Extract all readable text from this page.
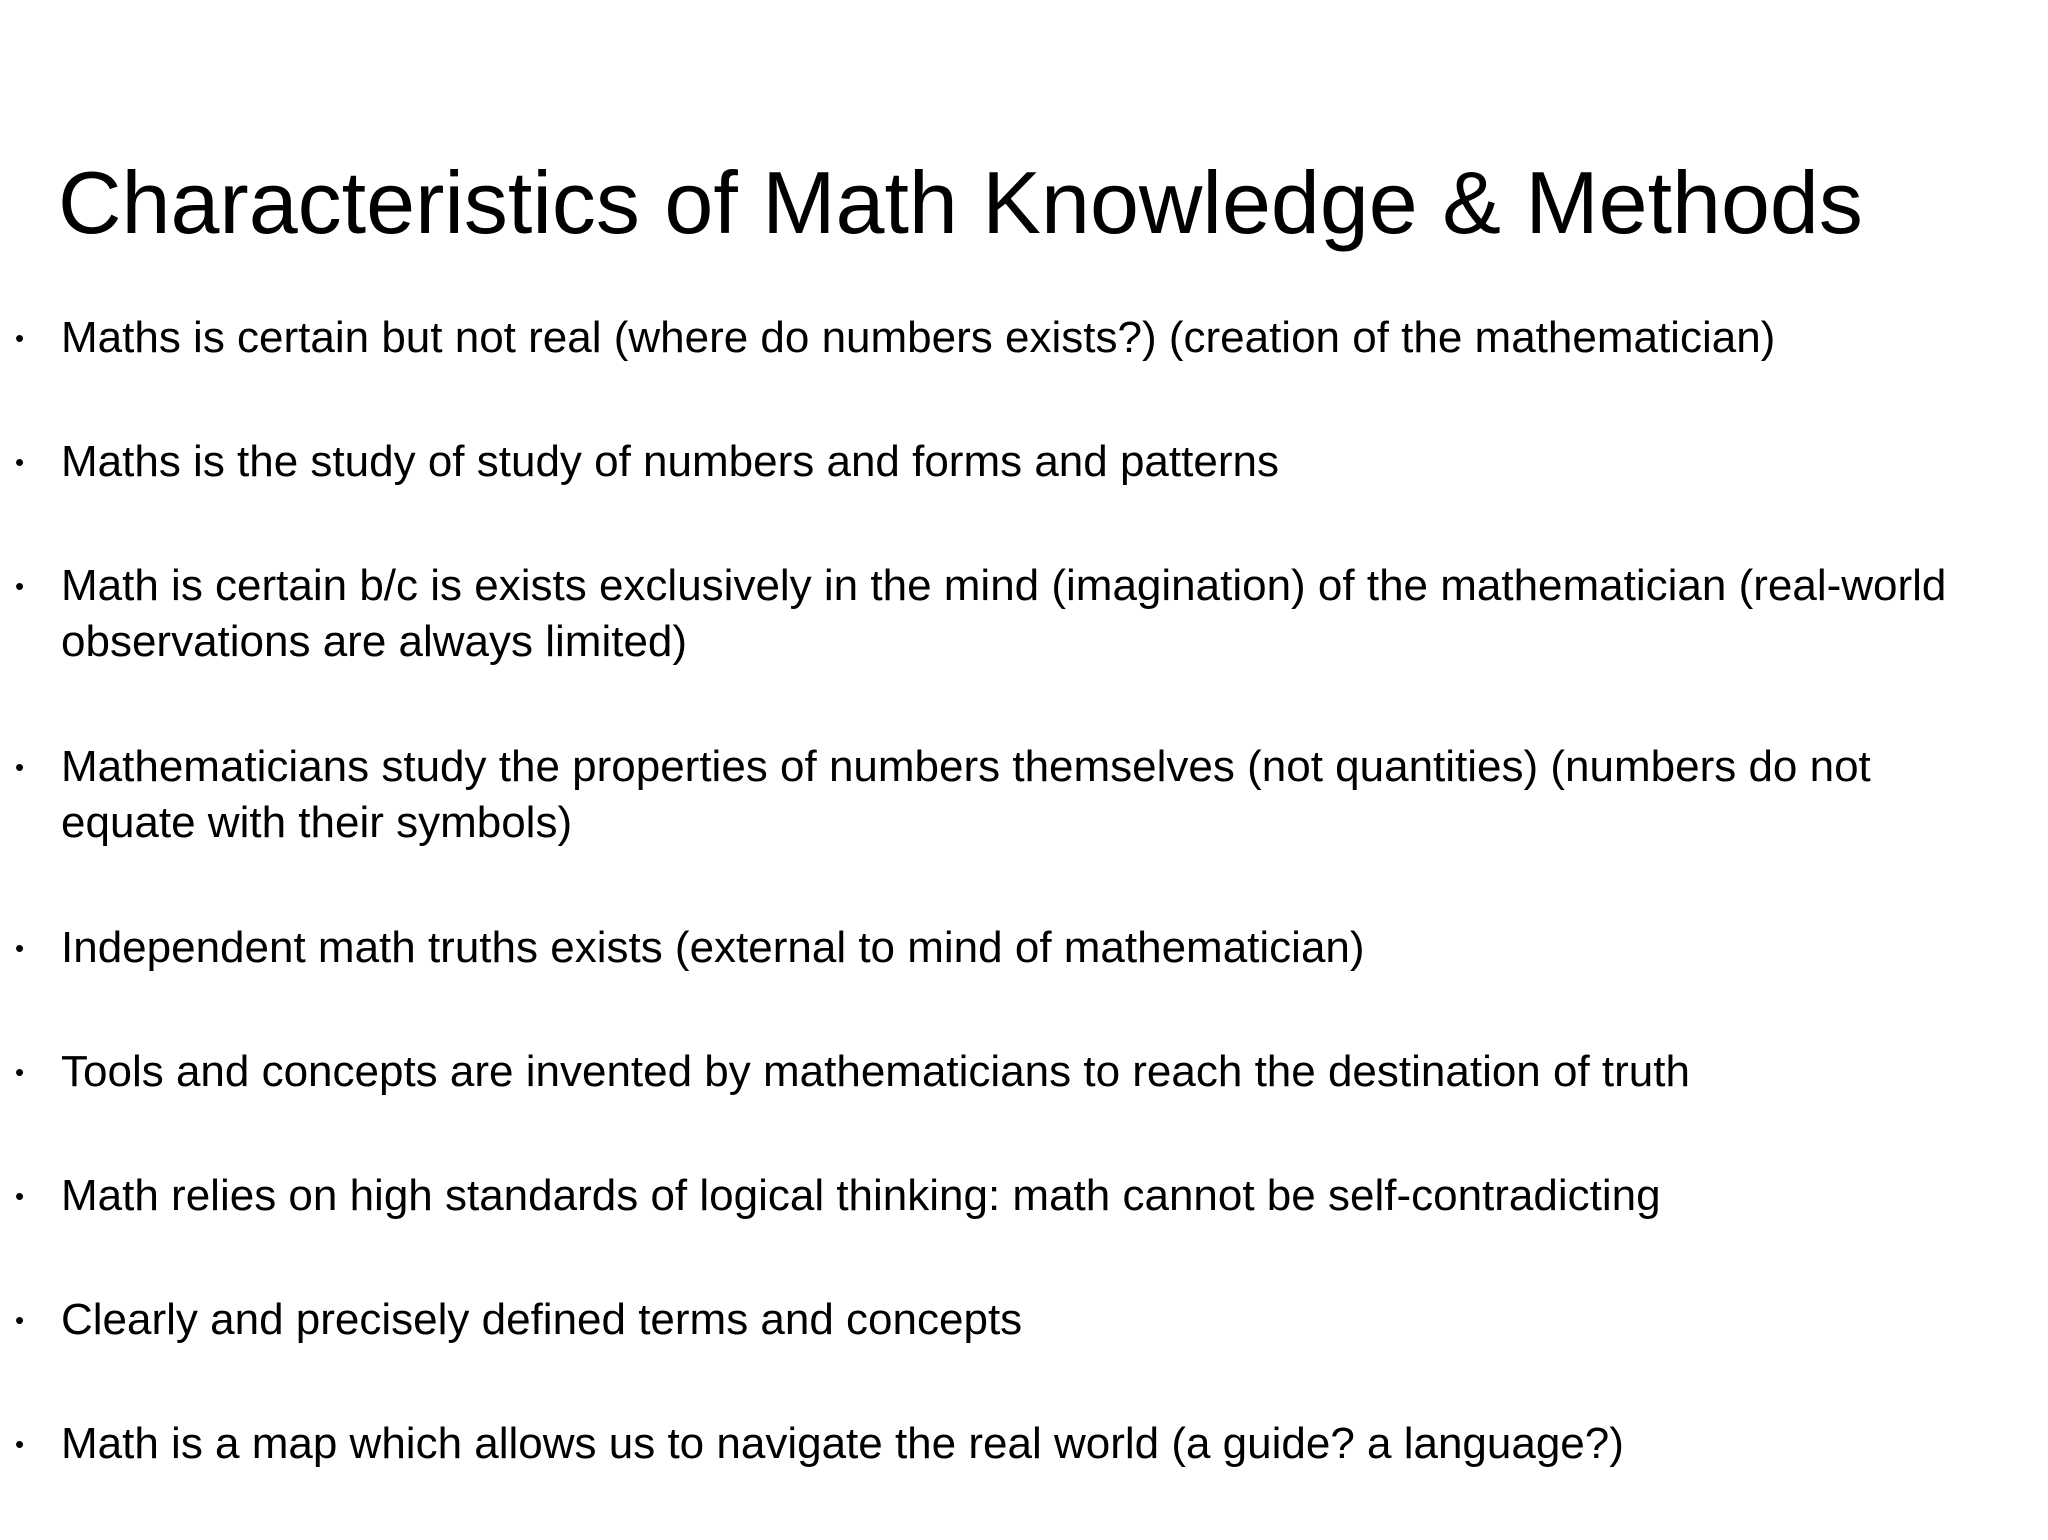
Characteristics of Math Knowledge & Methods
• Maths is certain but not real (where do numbers exists?) (creation of the mathematician)
• Maths is the study of study of numbers and forms and patterns
• Math is certain b/c is exists exclusively in the mind (imagination) of the mathematician (real-world observations are always limited)
• Mathematicians study the properties of numbers themselves (not quantities) (numbers do not equate with their symbols)
• Independent math truths exists (external to mind of mathematician)
• Tools and concepts are invented by mathematicians to reach the destination of truth
• Math relies on high standards of logical thinking: math cannot be self-contradicting
• Clearly and precisely defined terms and concepts
• Math is a map which allows us to navigate the real world (a guide? a language?)
